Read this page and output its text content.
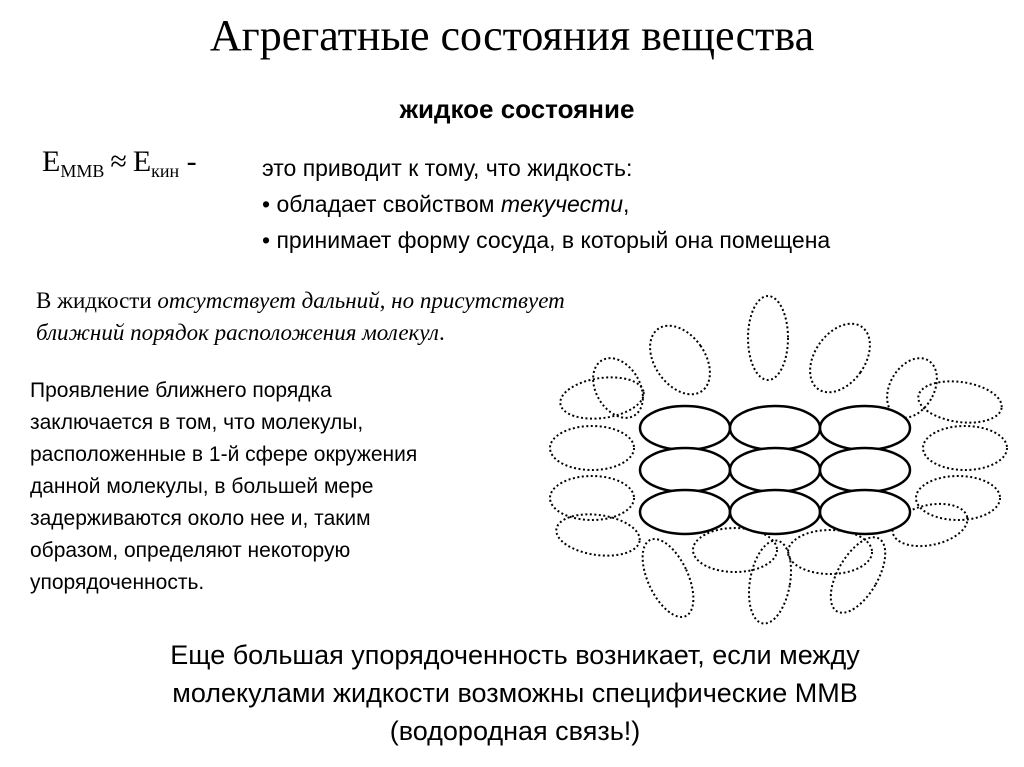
Агрегатные состояния вещества
жидкое состояние
$E_{ММВ} \approx E_{кин}$ -	это приводит к тому, что жидкость:
• обладает свойством текучести,
• принимает форму сосуда, в который она помещена
В жидкости отсутствует дальний, но присутствует
ближний порядок расположения молекул.
Проявление ближнего порядка
заключается в том, что молекулы,
расположенные в 1-й сфере окружения
данной молекулы, в большей мере
задерживаются около нее и, таким
образом, определяют некоторую
упорядоченность.
Еще большая упорядоченность возникает, если между
молекулами жидкости возможны специфические ММВ
(водородная связь!)
